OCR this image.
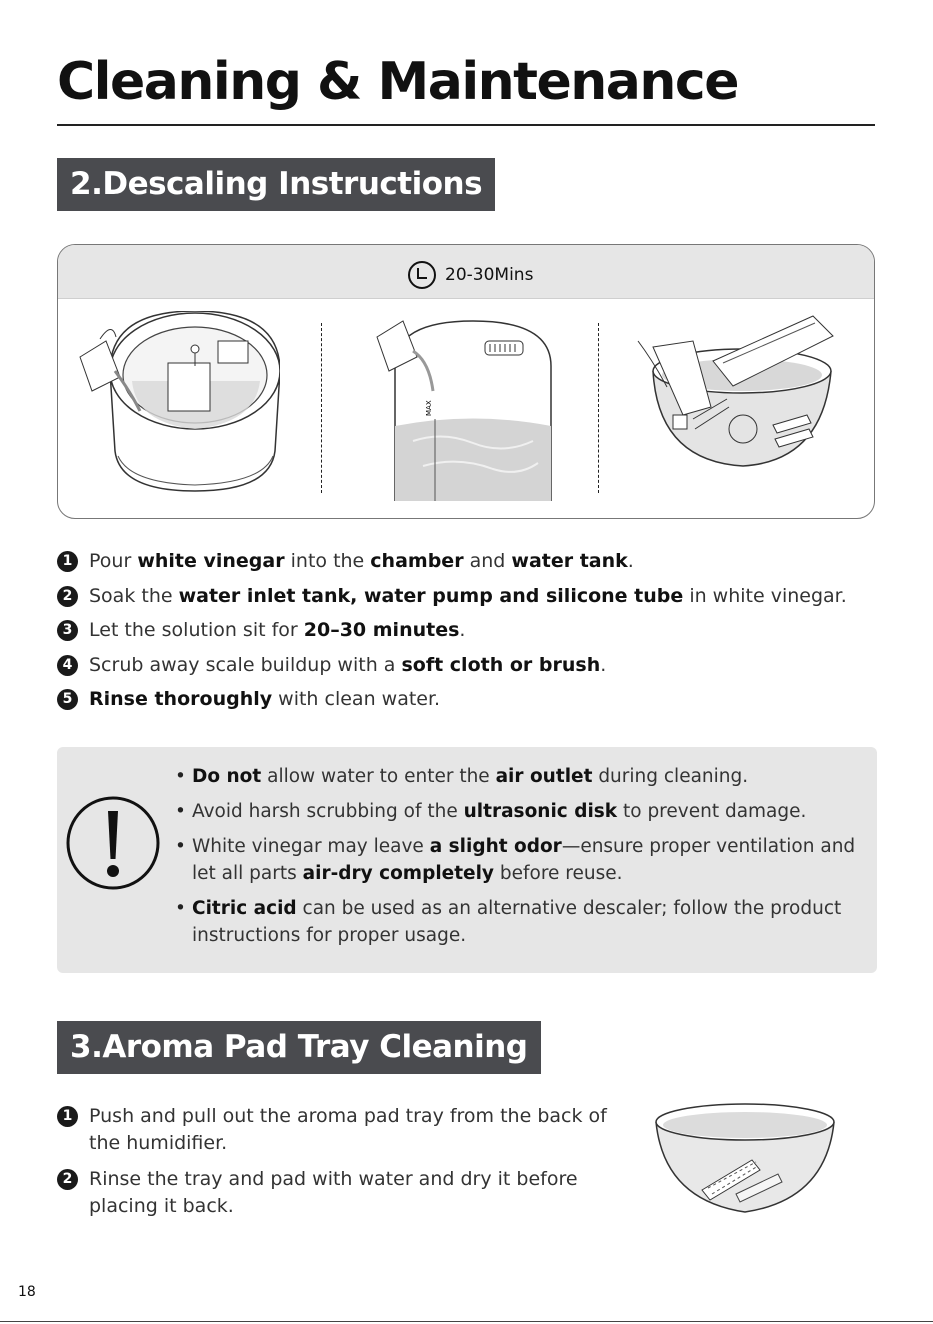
Cleaning & Maintenance
2.Descaling Instructions
20-30Mins
MAX
1 Pour white vinegar into the chamber and water tank.
2 Soak the water inlet tank, water pump and silicone tube in white vinegar.
3 Let the solution sit for 20–30 minutes.
4 Scrub away scale buildup with a soft cloth or brush.
5 Rinse thoroughly with clean water.
• Do not allow water to enter the air outlet during cleaning.
• Avoid harsh scrubbing of the ultrasonic disk to prevent damage.
• White vinegar may leave a slight odor—ensure proper ventilation and let all parts air-dry completely before reuse.
• Citric acid can be used as an alternative descaler; follow the product instructions for proper usage.
3.Aroma Pad Tray Cleaning
1 Push and pull out the aroma pad tray from the back of the humidifier.
2 Rinse the tray and pad with water and dry it before placing it back.
18
